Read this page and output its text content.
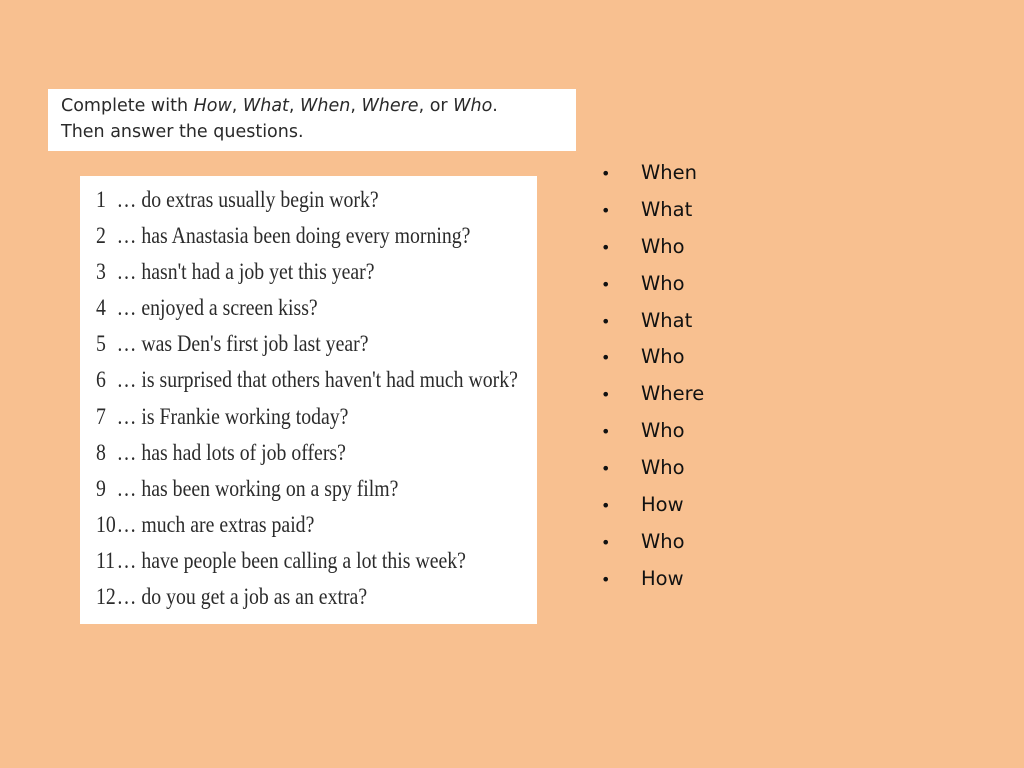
Complete with How, What, When, Where, or Who.
Then answer the questions.
1 … do extras usually begin work?
2 … has Anastasia been doing every morning?
3 … hasn't had a job yet this year?
4 … enjoyed a screen kiss?
5 … was Den's first job last year?
6 … is surprised that others haven't had much work?
7 … is Frankie working today?
8 … has had lots of job offers?
9 … has been working on a spy film?
10… much are extras paid?
11… have people been calling a lot this week?
12… do you get a job as an extra?
• When
• What
• Who
• Who
• What
• Who
• Where
• Who
• Who
• How
• Who
• How
